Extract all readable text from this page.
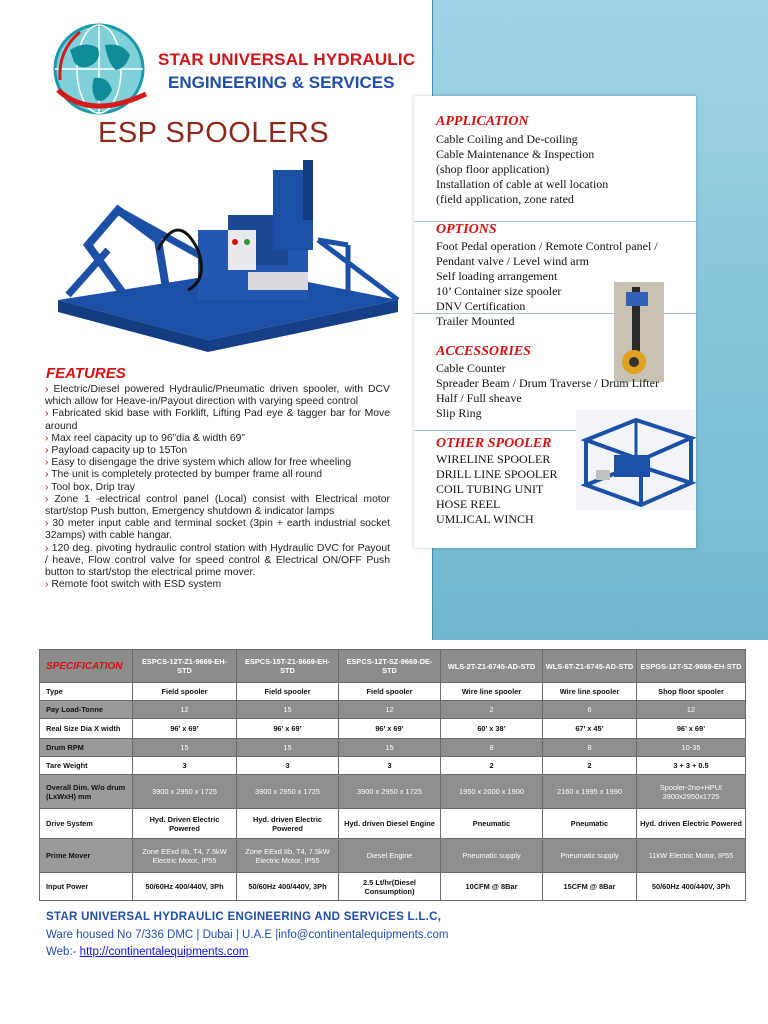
STAR UNIVERSAL HYDRAULIC
ENGINEERING & SERVICES
ESP SPOOLERS
FEATURES
› Electric/Diesel powered Hydraulic/Pneumatic driven spooler, with DCV which allow for Heave-in/Payout direction with varying speed control
› Fabricated skid base with Forklift, Lifting Pad eye & tagger bar for Move around
› Max reel capacity up to 96”dia & width 69”
› Payload capacity up to 15Ton
› Easy to disengage the drive system which allow for free wheeling
› The unit is completely protected by bumper frame all round
› Tool box, Drip tray
› Zone 1 -electrical control panel (Local) consist with Electrical motor start/stop Push button, Emergency shutdown & indicator lamps
› 30 meter input cable and terminal socket (3pin + earth industrial socket 32amps) with cable hangar.
› 120 deg. pivoting hydraulic control station with Hydraulic DVC for Payout / heave, Flow control valve for speed control & Electrical ON/OFF Push button to start/stop the electrical prime mover.
› Remote foot switch with ESD system
APPLICATION
Cable Coiling and De-coiling
Cable Maintenance & Inspection
(shop floor application)
Installation of cable at well location
(field application, zone rated
OPTIONS
Foot Pedal operation / Remote Control panel /
Pendant valve / Level wind arm
Self loading arrangement
10’ Container size spooler
DNV Certification
Trailer Mounted
ACCESSORIES
Cable Counter
Spreader Beam / Drum Traverse / Drum Lifter
Half / Full sheave
Slip Ring
OTHER SPOOLER
WIRELINE SPOOLER
DRILL LINE SPOOLER
COIL TUBING UNIT
HOSE REEL
UMLICAL WINCH
SPECIFICATION	ESPCS-12T-Z1-9669-EH-STD	ESPCS-15T-Z1-9669-EH-STD	ESPCS-12T-SZ-9669-DE-STD	WLS-2T-Z1-6745-AD-STD	WLS-6T-Z1-6745-AD-STD	ESPGS-12T-SZ-9669-EH-STD
Type	Field spooler	Field spooler	Field spooler	Wire line spooler	Wire line spooler	Shop floor spooler
Pay Load-Tonne	12	15	12	2	6	12
Real Size Dia X width	96’ x 69’	96’ x 69’	96’ x 69’	60’ x 38’	67’ x 45’	96’ x 69’
Drum RPM	15	15	15	8	8	10-35
Tare Weight	3	3	3	2	2	3 + 3 + 0.5
Overall Dim. W/o drum (LxWxH) mm	3900 x 2950 x 1725	3900 x 2950 x 1725	3900 x 2950 x 1725	1950 x 2000 x 1900	2160 x 1995 x 1990	Spooler-2no+HPUI 3900x2950x1725
Drive System	Hyd. Driven Electric Powered	Hyd. driven Electric Powered	Hyd. driven Diesel Engine	Pneumatic	Pneumatic	Hyd. driven Electric Powered
Prime Mover	Zone EExd IIb, T4, 7.5kW Electric Motor, IP55	Zone EExd IIb, T4, 7.5kW Electric Motor, IP55	Diesel Engine	Pneumatic supply	Pneumatic supply	11kW Electric Motor, IP55
Input Power	50/60Hz 400/440V, 3Ph	50/60Hz 400/440V, 3Ph	2.5 Lt/hr(Diesel Consumption)	10CFM @ 8Bar	15CFM @ 8Bar	50/60Hz 400/440V, 3Ph
STAR UNIVERSAL HYDRAULIC ENGINEERING AND SERVICES L.L.C,
Ware housed No 7/336 DMC | Dubai | U.A.E |info@continentalequipments.com
Web:- http://continentalequipments.com
